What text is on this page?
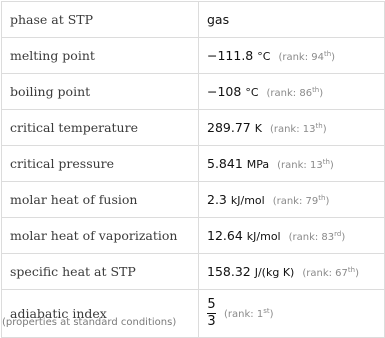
phase at STP	gas
melting point	−111.8 °C (rank: 94th)
boiling point	−108 °C (rank: 86th)
critical temperature	289.77 K (rank: 13th)
critical pressure	5.841 MPa (rank: 13th)
molar heat of fusion	2.3 kJ/mol (rank: 79th)
molar heat of vaporization	12.64 kJ/mol (rank: 83rd)
specific heat at STP	158.32 J/(kg K) (rank: 67th)
adiabatic index	$\frac{5}{3}$ (rank: 1st)
(properties at standard conditions)
